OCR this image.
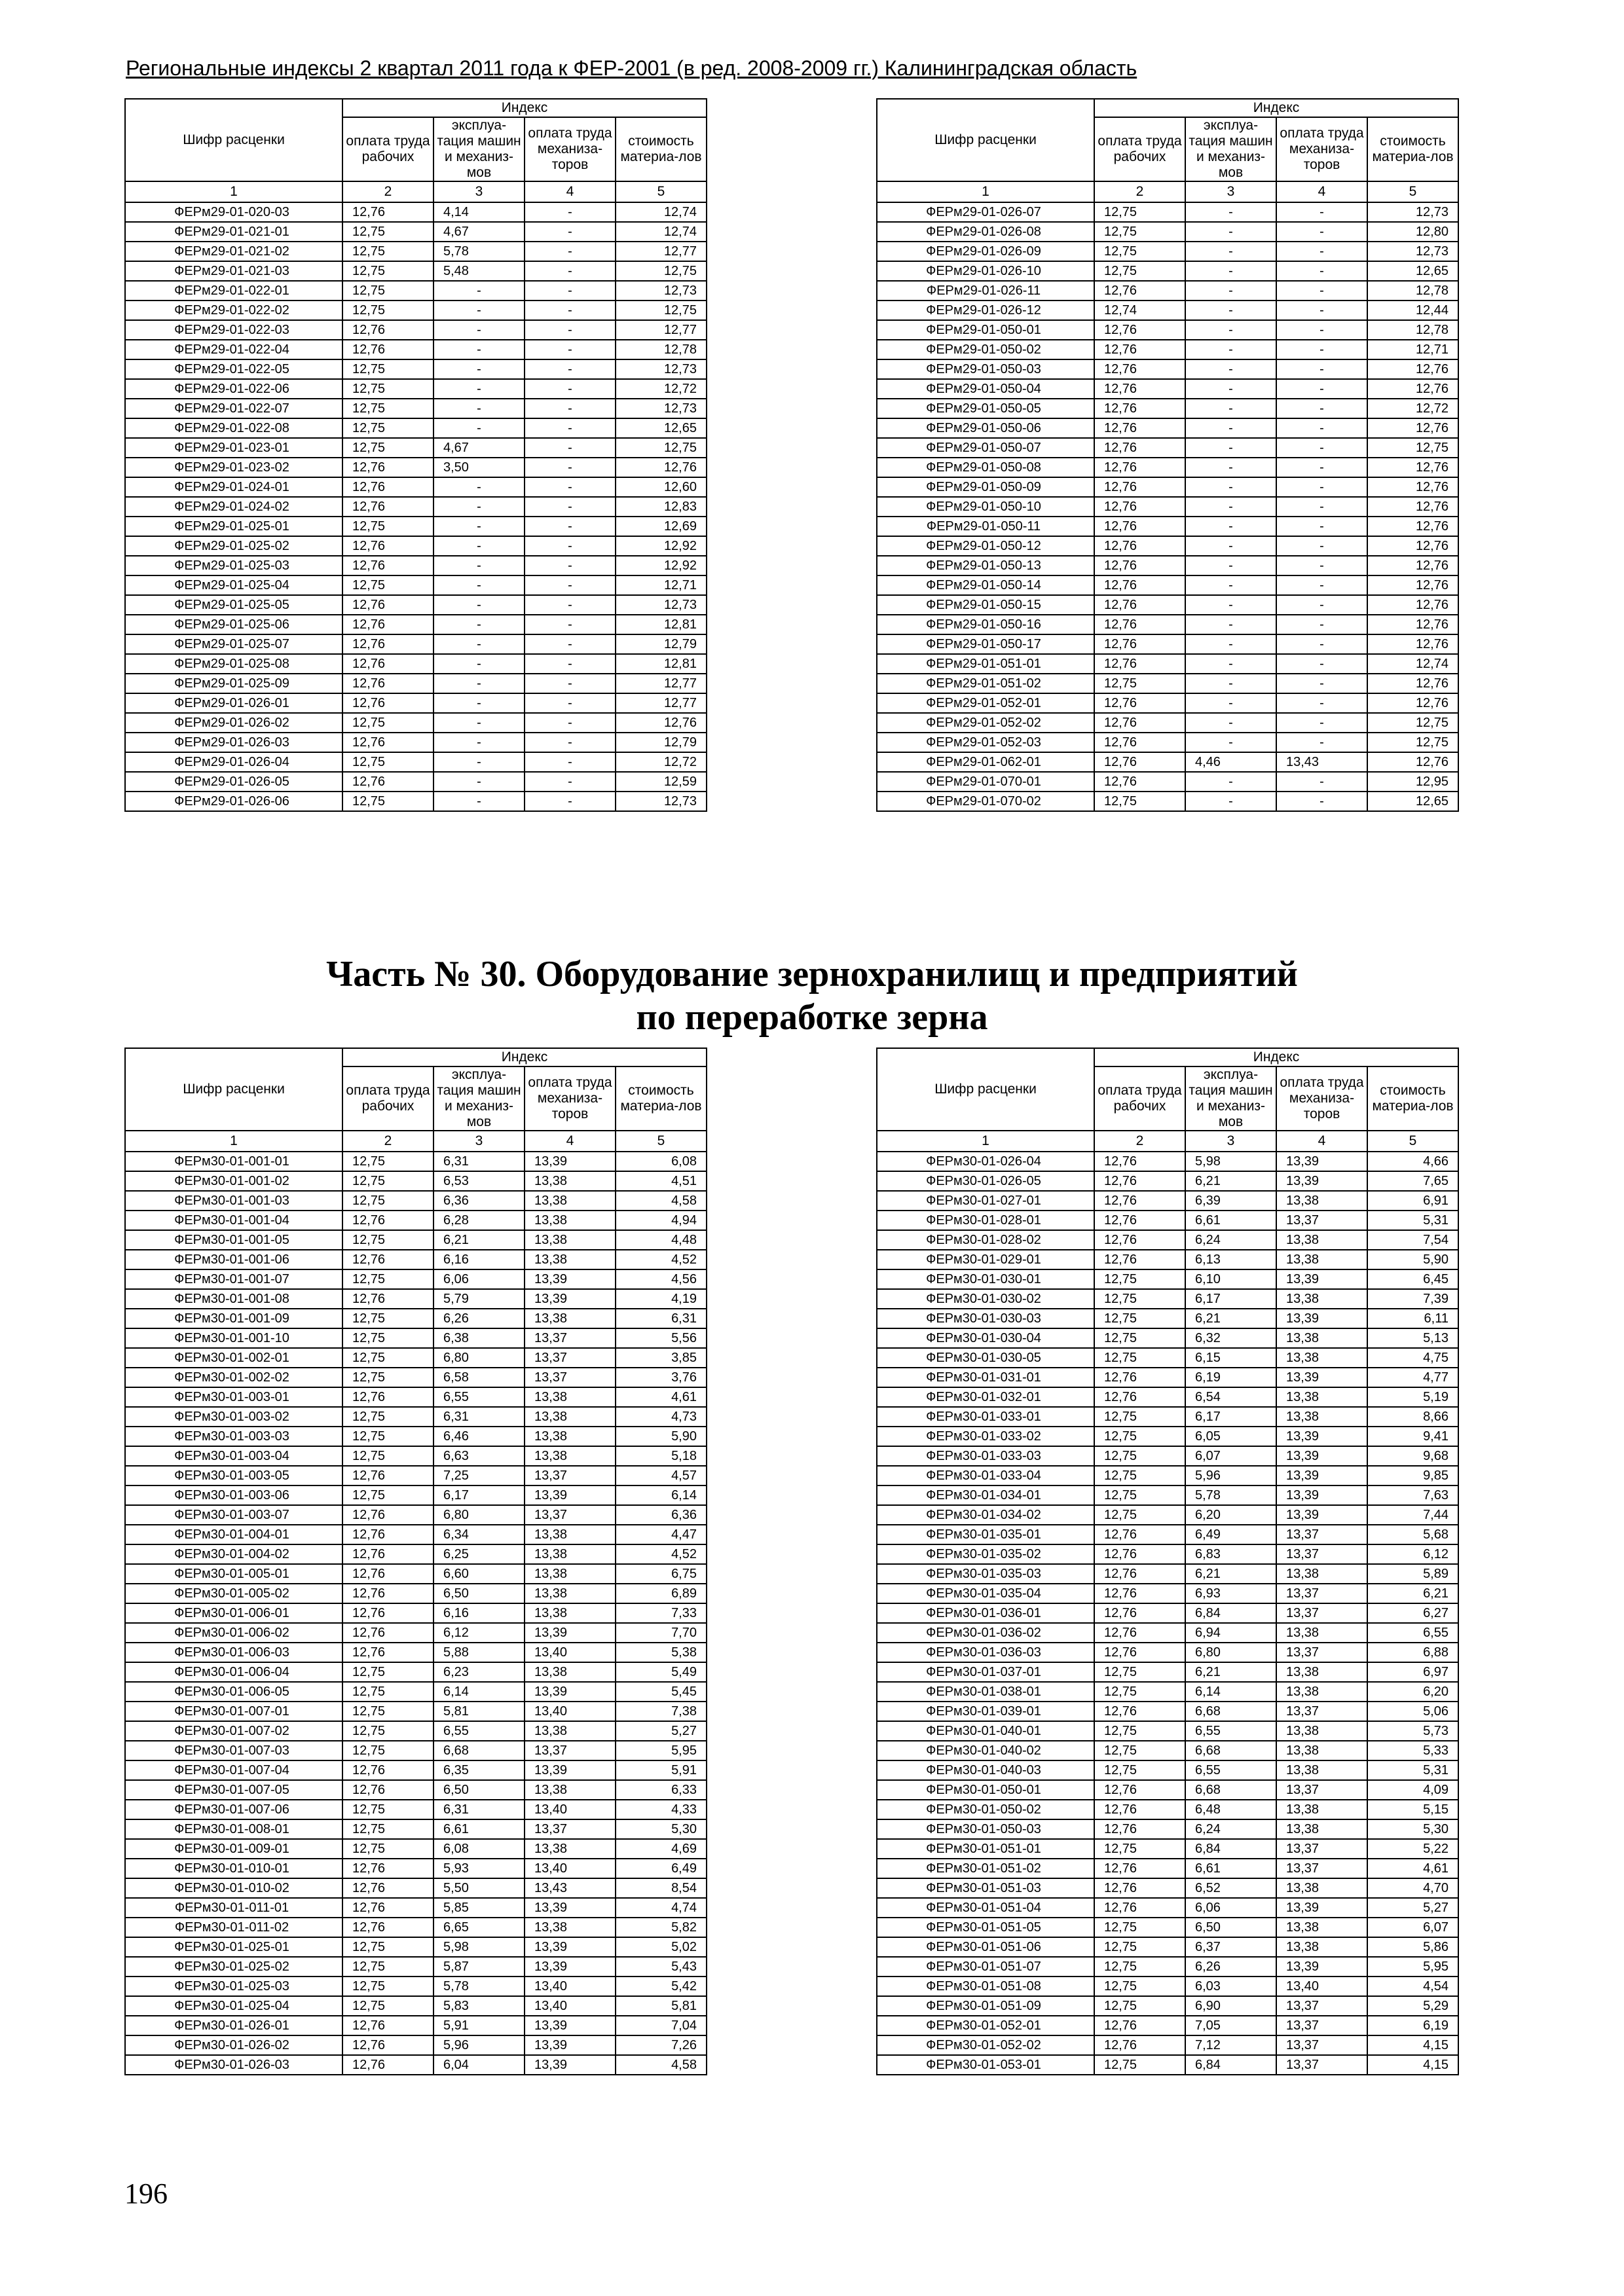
Региональные индексы 2 квартал 2011 года к ФЕР-2001 (в ред. 2008-2009 гг.) Калининградская область
Шифр расценки	Индекс			
	оплата труда рабочих	эксплуа-тация машин и механиз-мов	оплата труда механиза-торов	стоимость материа-лов
1	2	3	4	5
ФЕРм29-01-020-03	12,76	4,14	-	12,74
ФЕРм29-01-021-01	12,75	4,67	-	12,74
ФЕРм29-01-021-02	12,75	5,78	-	12,77
ФЕРм29-01-021-03	12,75	5,48	-	12,75
ФЕРм29-01-022-01	12,75	-	-	12,73
ФЕРм29-01-022-02	12,75	-	-	12,75
ФЕРм29-01-022-03	12,76	-	-	12,77
ФЕРм29-01-022-04	12,76	-	-	12,78
ФЕРм29-01-022-05	12,75	-	-	12,73
ФЕРм29-01-022-06	12,75	-	-	12,72
ФЕРм29-01-022-07	12,75	-	-	12,73
ФЕРм29-01-022-08	12,75	-	-	12,65
ФЕРм29-01-023-01	12,75	4,67	-	12,75
ФЕРм29-01-023-02	12,76	3,50	-	12,76
ФЕРм29-01-024-01	12,76	-	-	12,60
ФЕРм29-01-024-02	12,76	-	-	12,83
ФЕРм29-01-025-01	12,75	-	-	12,69
ФЕРм29-01-025-02	12,76	-	-	12,92
ФЕРм29-01-025-03	12,76	-	-	12,92
ФЕРм29-01-025-04	12,75	-	-	12,71
ФЕРм29-01-025-05	12,76	-	-	12,73
ФЕРм29-01-025-06	12,76	-	-	12,81
ФЕРм29-01-025-07	12,76	-	-	12,79
ФЕРм29-01-025-08	12,76	-	-	12,81
ФЕРм29-01-025-09	12,76	-	-	12,77
ФЕРм29-01-026-01	12,76	-	-	12,77
ФЕРм29-01-026-02	12,75	-	-	12,76
ФЕРм29-01-026-03	12,76	-	-	12,79
ФЕРм29-01-026-04	12,75	-	-	12,72
ФЕРм29-01-026-05	12,76	-	-	12,59
ФЕРм29-01-026-06	12,75	-	-	12,73
Шифр расценки	Индекс			
	оплата труда рабочих	эксплуа-тация машин и механиз-мов	оплата труда механиза-торов	стоимость материа-лов
1	2	3	4	5
ФЕРм29-01-026-07	12,75	-	-	12,73
ФЕРм29-01-026-08	12,75	-	-	12,80
ФЕРм29-01-026-09	12,75	-	-	12,73
ФЕРм29-01-026-10	12,75	-	-	12,65
ФЕРм29-01-026-11	12,76	-	-	12,78
ФЕРм29-01-026-12	12,74	-	-	12,44
ФЕРм29-01-050-01	12,76	-	-	12,78
ФЕРм29-01-050-02	12,76	-	-	12,71
ФЕРм29-01-050-03	12,76	-	-	12,76
ФЕРм29-01-050-04	12,76	-	-	12,76
ФЕРм29-01-050-05	12,76	-	-	12,72
ФЕРм29-01-050-06	12,76	-	-	12,76
ФЕРм29-01-050-07	12,76	-	-	12,75
ФЕРм29-01-050-08	12,76	-	-	12,76
ФЕРм29-01-050-09	12,76	-	-	12,76
ФЕРм29-01-050-10	12,76	-	-	12,76
ФЕРм29-01-050-11	12,76	-	-	12,76
ФЕРм29-01-050-12	12,76	-	-	12,76
ФЕРм29-01-050-13	12,76	-	-	12,76
ФЕРм29-01-050-14	12,76	-	-	12,76
ФЕРм29-01-050-15	12,76	-	-	12,76
ФЕРм29-01-050-16	12,76	-	-	12,76
ФЕРм29-01-050-17	12,76	-	-	12,76
ФЕРм29-01-051-01	12,76	-	-	12,74
ФЕРм29-01-051-02	12,75	-	-	12,76
ФЕРм29-01-052-01	12,76	-	-	12,76
ФЕРм29-01-052-02	12,76	-	-	12,75
ФЕРм29-01-052-03	12,76	-	-	12,75
ФЕРм29-01-062-01	12,76	4,46	13,43	12,76
ФЕРм29-01-070-01	12,76	-	-	12,95
ФЕРм29-01-070-02	12,75	-	-	12,65
Часть № 30. Оборудование зернохранилищ и предприятий
по переработке зерна
Шифр расценки	Индекс			
	оплата труда рабочих	эксплуа-тация машин и механиз-мов	оплата труда механиза-торов	стоимость материа-лов
1	2	3	4	5
ФЕРм30-01-001-01	12,75	6,31	13,39	6,08
ФЕРм30-01-001-02	12,75	6,53	13,38	4,51
ФЕРм30-01-001-03	12,75	6,36	13,38	4,58
ФЕРм30-01-001-04	12,76	6,28	13,38	4,94
ФЕРм30-01-001-05	12,75	6,21	13,38	4,48
ФЕРм30-01-001-06	12,76	6,16	13,38	4,52
ФЕРм30-01-001-07	12,75	6,06	13,39	4,56
ФЕРм30-01-001-08	12,76	5,79	13,39	4,19
ФЕРм30-01-001-09	12,75	6,26	13,38	6,31
ФЕРм30-01-001-10	12,75	6,38	13,37	5,56
ФЕРм30-01-002-01	12,75	6,80	13,37	3,85
ФЕРм30-01-002-02	12,75	6,58	13,37	3,76
ФЕРм30-01-003-01	12,76	6,55	13,38	4,61
ФЕРм30-01-003-02	12,75	6,31	13,38	4,73
ФЕРм30-01-003-03	12,75	6,46	13,38	5,90
ФЕРм30-01-003-04	12,75	6,63	13,38	5,18
ФЕРм30-01-003-05	12,76	7,25	13,37	4,57
ФЕРм30-01-003-06	12,75	6,17	13,39	6,14
ФЕРм30-01-003-07	12,76	6,80	13,37	6,36
ФЕРм30-01-004-01	12,76	6,34	13,38	4,47
ФЕРм30-01-004-02	12,76	6,25	13,38	4,52
ФЕРм30-01-005-01	12,76	6,60	13,38	6,75
ФЕРм30-01-005-02	12,76	6,50	13,38	6,89
ФЕРм30-01-006-01	12,76	6,16	13,38	7,33
ФЕРм30-01-006-02	12,76	6,12	13,39	7,70
ФЕРм30-01-006-03	12,76	5,88	13,40	5,38
ФЕРм30-01-006-04	12,75	6,23	13,38	5,49
ФЕРм30-01-006-05	12,75	6,14	13,39	5,45
ФЕРм30-01-007-01	12,75	5,81	13,40	7,38
ФЕРм30-01-007-02	12,75	6,55	13,38	5,27
ФЕРм30-01-007-03	12,75	6,68	13,37	5,95
ФЕРм30-01-007-04	12,76	6,35	13,39	5,91
ФЕРм30-01-007-05	12,76	6,50	13,38	6,33
ФЕРм30-01-007-06	12,75	6,31	13,40	4,33
ФЕРм30-01-008-01	12,75	6,61	13,37	5,30
ФЕРм30-01-009-01	12,75	6,08	13,38	4,69
ФЕРм30-01-010-01	12,76	5,93	13,40	6,49
ФЕРм30-01-010-02	12,76	5,50	13,43	8,54
ФЕРм30-01-011-01	12,76	5,85	13,39	4,74
ФЕРм30-01-011-02	12,76	6,65	13,38	5,82
ФЕРм30-01-025-01	12,75	5,98	13,39	5,02
ФЕРм30-01-025-02	12,75	5,87	13,39	5,43
ФЕРм30-01-025-03	12,75	5,78	13,40	5,42
ФЕРм30-01-025-04	12,75	5,83	13,40	5,81
ФЕРм30-01-026-01	12,76	5,91	13,39	7,04
ФЕРм30-01-026-02	12,76	5,96	13,39	7,26
ФЕРм30-01-026-03	12,76	6,04	13,39	4,58
Шифр расценки	Индекс			
	оплата труда рабочих	эксплуа-тация машин и механиз-мов	оплата труда механиза-торов	стоимость материа-лов
1	2	3	4	5
ФЕРм30-01-026-04	12,76	5,98	13,39	4,66
ФЕРм30-01-026-05	12,76	6,21	13,39	7,65
ФЕРм30-01-027-01	12,76	6,39	13,38	6,91
ФЕРм30-01-028-01	12,76	6,61	13,37	5,31
ФЕРм30-01-028-02	12,76	6,24	13,38	7,54
ФЕРм30-01-029-01	12,76	6,13	13,38	5,90
ФЕРм30-01-030-01	12,75	6,10	13,39	6,45
ФЕРм30-01-030-02	12,75	6,17	13,38	7,39
ФЕРм30-01-030-03	12,75	6,21	13,39	6,11
ФЕРм30-01-030-04	12,75	6,32	13,38	5,13
ФЕРм30-01-030-05	12,75	6,15	13,38	4,75
ФЕРм30-01-031-01	12,76	6,19	13,39	4,77
ФЕРм30-01-032-01	12,76	6,54	13,38	5,19
ФЕРм30-01-033-01	12,75	6,17	13,38	8,66
ФЕРм30-01-033-02	12,75	6,05	13,39	9,41
ФЕРм30-01-033-03	12,75	6,07	13,39	9,68
ФЕРм30-01-033-04	12,75	5,96	13,39	9,85
ФЕРм30-01-034-01	12,75	5,78	13,39	7,63
ФЕРм30-01-034-02	12,75	6,20	13,39	7,44
ФЕРм30-01-035-01	12,76	6,49	13,37	5,68
ФЕРм30-01-035-02	12,76	6,83	13,37	6,12
ФЕРм30-01-035-03	12,76	6,21	13,38	5,89
ФЕРм30-01-035-04	12,76	6,93	13,37	6,21
ФЕРм30-01-036-01	12,76	6,84	13,37	6,27
ФЕРм30-01-036-02	12,76	6,94	13,38	6,55
ФЕРм30-01-036-03	12,76	6,80	13,37	6,88
ФЕРм30-01-037-01	12,75	6,21	13,38	6,97
ФЕРм30-01-038-01	12,75	6,14	13,38	6,20
ФЕРм30-01-039-01	12,76	6,68	13,37	5,06
ФЕРм30-01-040-01	12,75	6,55	13,38	5,73
ФЕРм30-01-040-02	12,75	6,68	13,38	5,33
ФЕРм30-01-040-03	12,75	6,55	13,38	5,31
ФЕРм30-01-050-01	12,76	6,68	13,37	4,09
ФЕРм30-01-050-02	12,76	6,48	13,38	5,15
ФЕРм30-01-050-03	12,76	6,24	13,38	5,30
ФЕРм30-01-051-01	12,75	6,84	13,37	5,22
ФЕРм30-01-051-02	12,76	6,61	13,37	4,61
ФЕРм30-01-051-03	12,76	6,52	13,38	4,70
ФЕРм30-01-051-04	12,76	6,06	13,39	5,27
ФЕРм30-01-051-05	12,75	6,50	13,38	6,07
ФЕРм30-01-051-06	12,75	6,37	13,38	5,86
ФЕРм30-01-051-07	12,75	6,26	13,39	5,95
ФЕРм30-01-051-08	12,75	6,03	13,40	4,54
ФЕРм30-01-051-09	12,75	6,90	13,37	5,29
ФЕРм30-01-052-01	12,76	7,05	13,37	6,19
ФЕРм30-01-052-02	12,76	7,12	13,37	4,15
ФЕРм30-01-053-01	12,75	6,84	13,37	4,15
196
